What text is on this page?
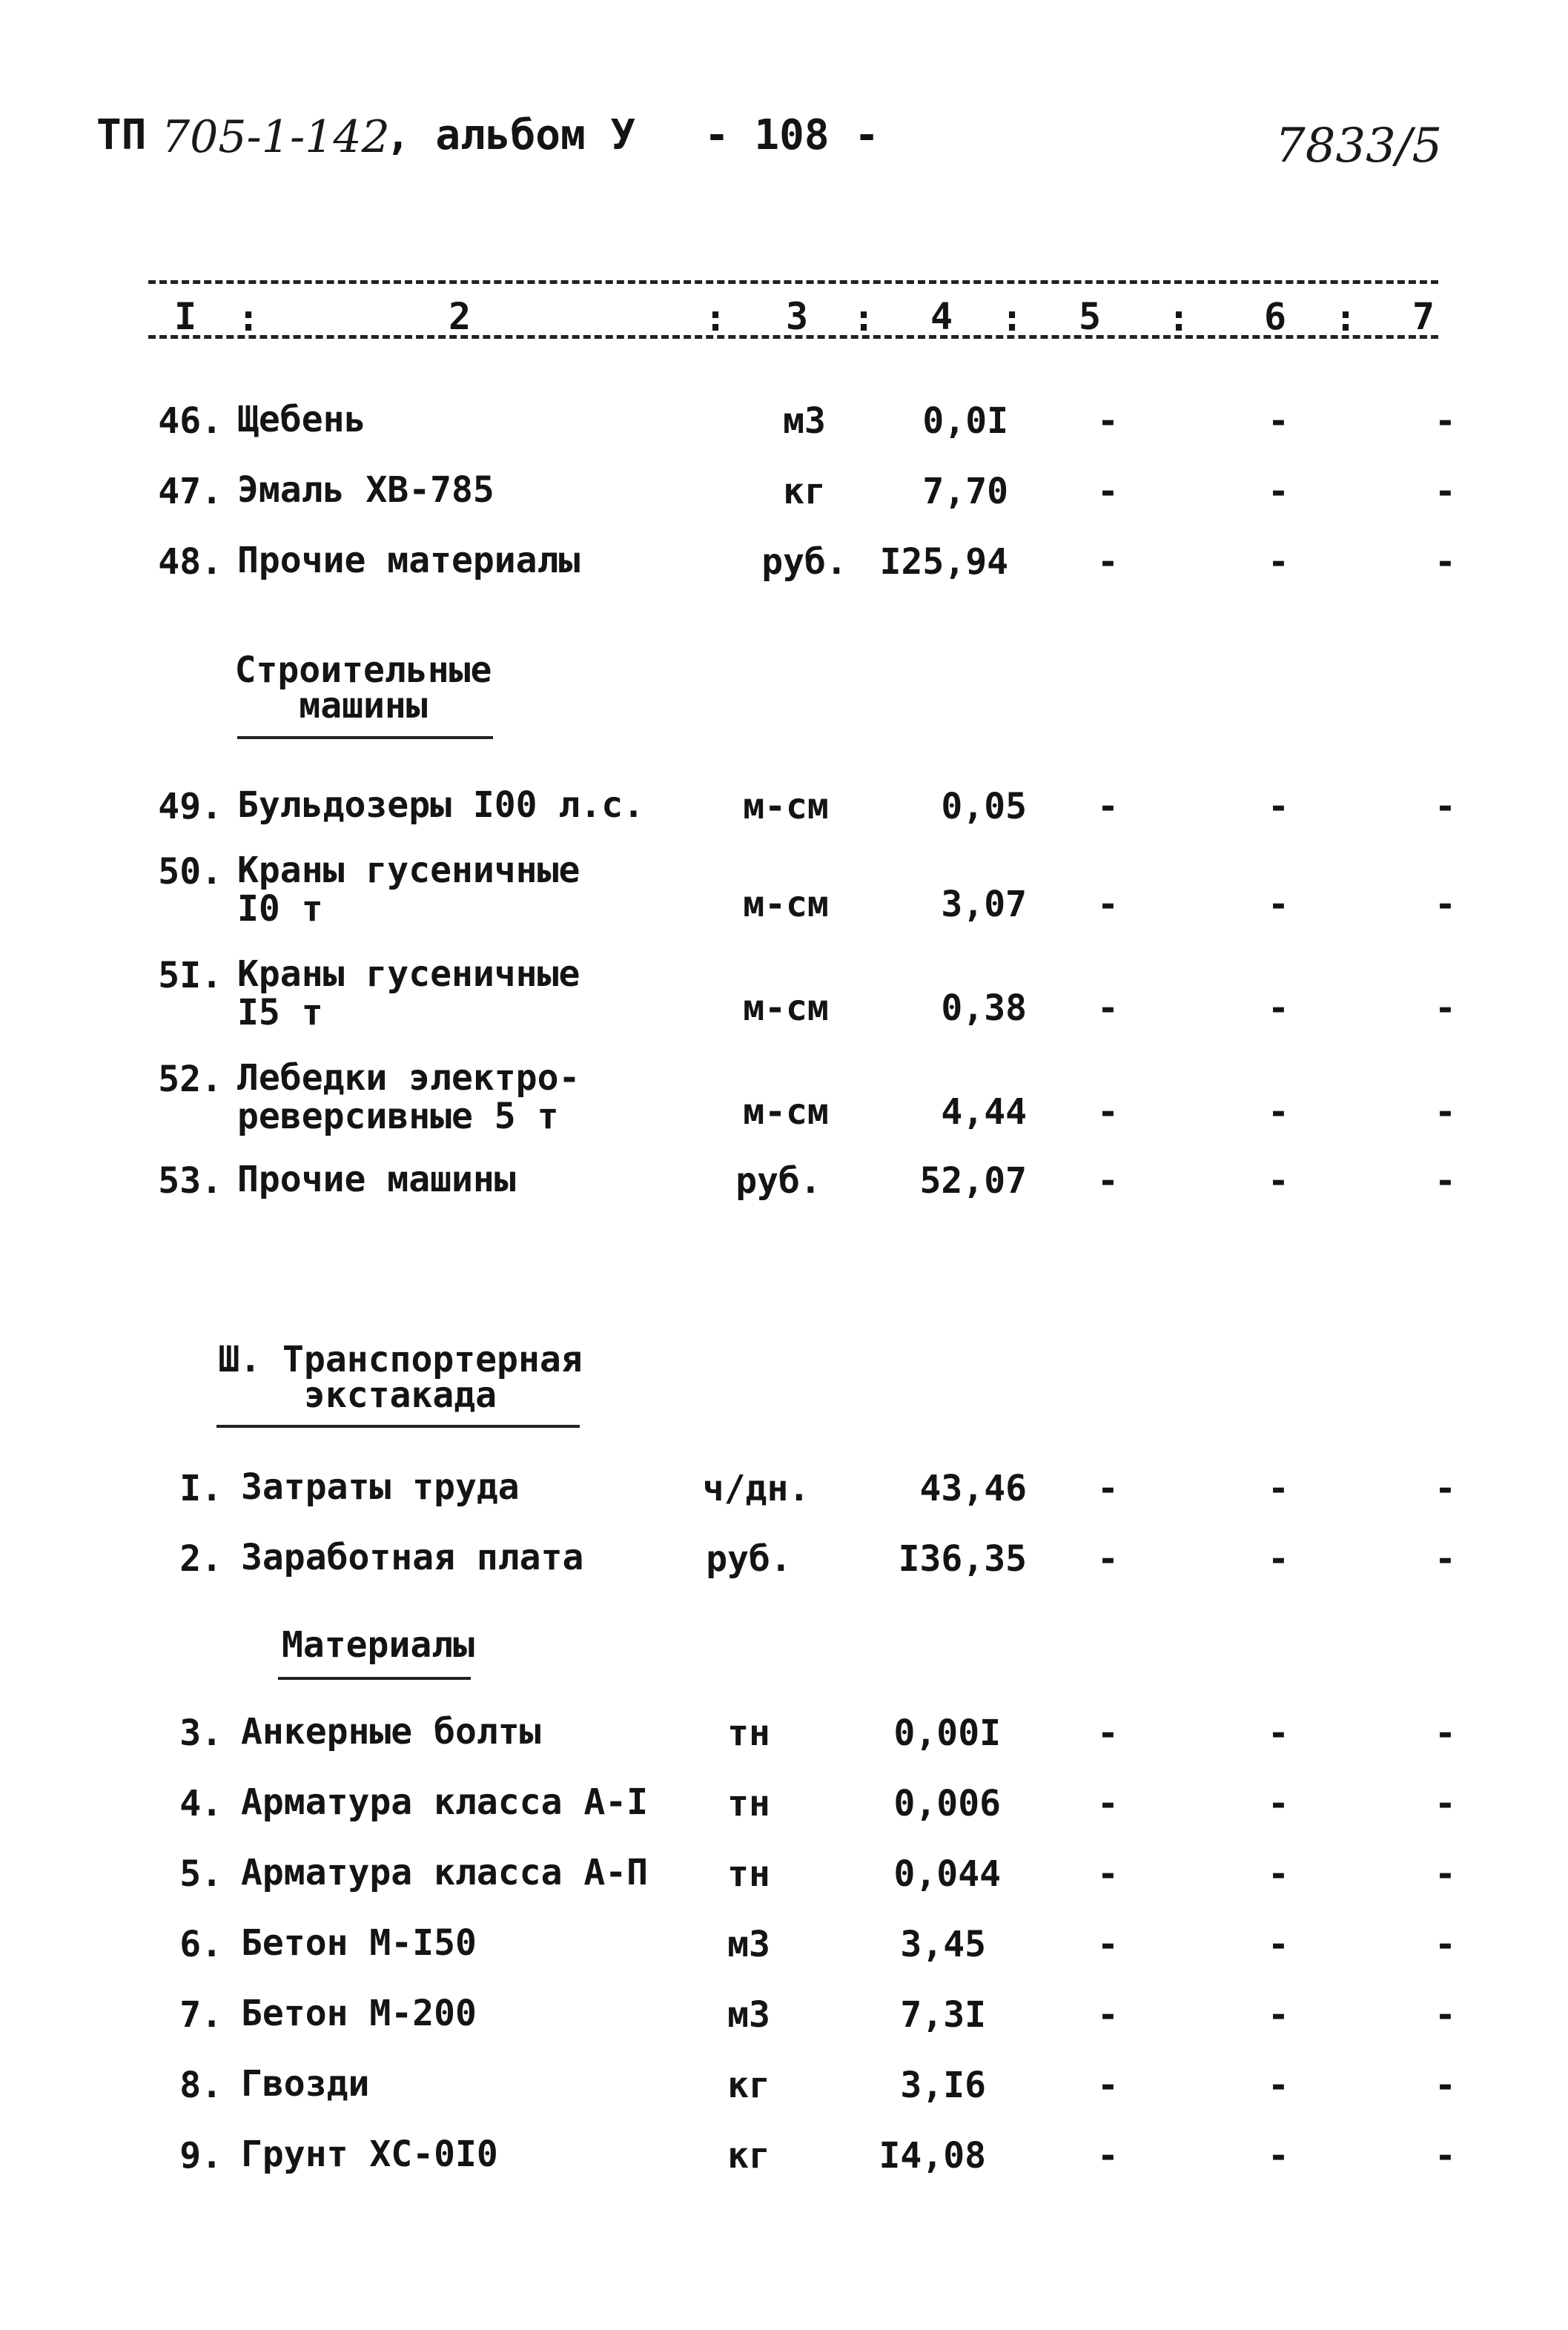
ТП 705-1-142
, альбом У - 108 -	7833/5
I :	2	: 3 : 4 : 5 : 6 : 7
46. Щебень	м3	0,0I	-	-	-
47. Эмаль ХВ-785	кг	7,70	-	-	-
48. Прочие материалы	руб. I25,94	-	-	-
Строительные
машины
49. Бульдозеры I00 л.с.	м-см	0,05 -	-	-
50. Краны гусеничные
I0 т	м-см	3,07 -	-	-
5I. Краны гусеничные
I5 т	м-см	0,38 -	-	-
52. Лебедки электро-
реверсивные 5 т	м-см	4,44 -	-	-
53. Прочие машины	руб.	52,07 -	-	-
Ш. Транспортерная
экстакада
I. Затраты труда	ч/дн.	43,46 -	-	-
2. Заработная плата	руб.	I36,35 -	-	-
Материалы
3. Анкерные болты	тн	0,00I	-	-	-
4. Арматура класса А-I	тн	0,006	-	-	-
5. Арматура класса А-П	тн	0,044	-	-	-
6. Бетон М-I50	м3	3,45	-	-	-
7. Бетон М-200	м3	7,3I	-	-	-
8. Гвозди	кг	3,I6	-	-	-
9. Грунт ХС-0I0	кг	I4,08	-	-	-
